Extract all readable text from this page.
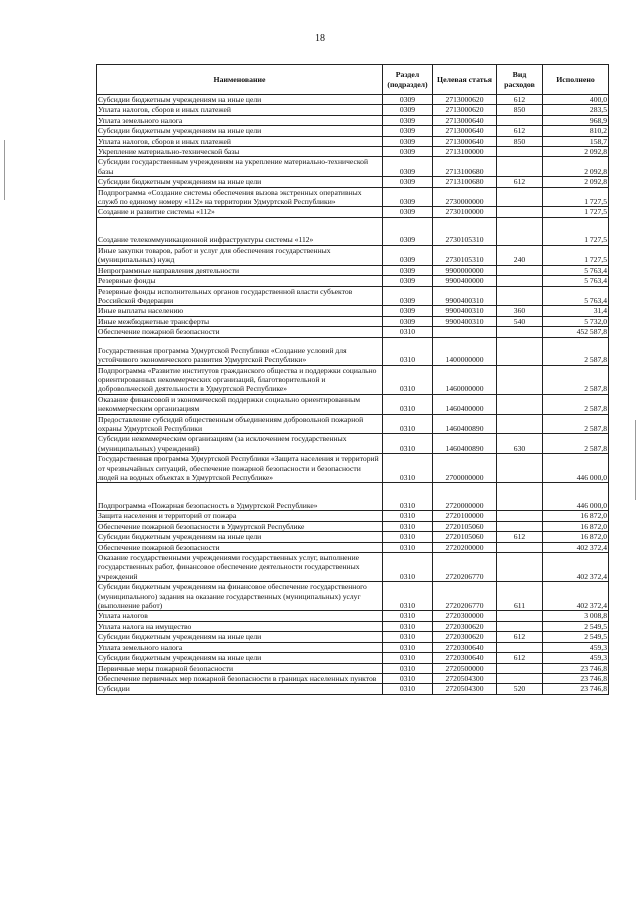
18
Наименование	Раздел (подраздел)	Целевая статья	Вид расходов	Исполнено
Субсидии бюджетным учреждениям на иные цели	0309	2713000620	612	400,0
Уплата налогов, сборов и иных платежей	0309	2713000620	850	283,5
Уплата земельного налога	0309	2713000640		968,9
Субсидии бюджетным учреждениям на иные цели	0309	2713000640	612	810,2
Уплата налогов, сборов и иных платежей	0309	2713000640	850	158,7
Укрепление материально-технической базы	0309	2713100000		2 092,8
Субсидии государственным учреждениям на укрепление материально-технической базы	0309	2713100680		2 092,8
Субсидии бюджетным учреждениям на иные цели	0309	2713100680	612	2 092,8
Подпрограмма «Создание системы обеспечения вызова экстренных оперативных служб по единому номеру «112» на территории Удмуртской Республики»	0309	2730000000		1 727,5
Создание и развитие системы «112»	0309	2730100000		1 727,5
Создание телекоммуникационной инфраструктуры системы «112»	0309	2730105310		1 727,5
Иные закупки товаров, работ и услуг для обеспечения государственных (муниципальных) нужд	0309	2730105310	240	1 727,5
Непрограммные направления деятельности	0309	9900000000		5 763,4
Резервные фонды	0309	9900400000		5 763,4
Резервные фонды исполнительных органов государственной власти субъектов Российской Федерации	0309	9900400310		5 763,4
Иные выплаты населению	0309	9900400310	360	31,4
Иные межбюджетные трансферты	0309	9900400310	540	5 732,0
Обеспечение пожарной безопасности	0310			452 587,8
Государственная программа Удмуртской Республики «Создание условий для устойчивого экономического развития Удмуртской Республики»	0310	1400000000		2 587,8
Подпрограмма «Развитие институтов гражданского общества и поддержки социально ориентированных некоммерческих организаций, благотворительной и добровольческой деятельности в Удмуртской Республике»	0310	1460000000		2 587,8
Оказание финансовой и экономической поддержки социально ориентированным некоммерческим организациям	0310	1460400000		2 587,8
Предоставление субсидий общественным объединениям добровольной пожарной охраны Удмуртской Республики	0310	1460400890		2 587,8
Субсидии некоммерческим организациям (за исключением государственных (муниципальных) учреждений)	0310	1460400890	630	2 587,8
Государственная программа Удмуртской Республики «Защита населения и территорий от чрезвычайных ситуаций, обеспечение пожарной безопасности и безопасности людей на водных объектах в Удмуртской Республике»	0310	2700000000		446 000,0
Подпрограмма «Пожарная безопасность в Удмуртской Республике»	0310	2720000000		446 000,0
Защита населения и территорий от пожара	0310	2720100000		16 872,0
Обеспечение пожарной безопасности в Удмуртской Республике	0310	2720105060		16 872,0
Субсидии бюджетным учреждениям на иные цели	0310	2720105060	612	16 872,0
Обеспечение пожарной безопасности	0310	2720200000		402 372,4
Оказание государственными учреждениями государственных услуг, выполнение государственных работ, финансовое обеспечение деятельности государственных учреждений	0310	2720206770		402 372,4
Субсидии бюджетным учреждениям на финансовое обеспечение государственного (муниципального) задания на оказание государственных (муниципальных) услуг (выполнение работ)	0310	2720206770	611	402 372,4
Уплата налогов	0310	2720300000		3 008,8
Уплата налога на имущество	0310	2720300620		2 549,5
Субсидии бюджетным учреждениям на иные цели	0310	2720300620	612	2 549,5
Уплата земельного налога	0310	2720300640		459,3
Субсидии бюджетным учреждениям на иные цели	0310	2720300640	612	459,3
Первичные меры пожарной безопасности	0310	2720500000		23 746,8
Обеспечение первичных мер пожарной безопасности в границах населенных пунктов	0310	2720504300		23 746,8
Субсидии	0310	2720504300	520	23 746,8
